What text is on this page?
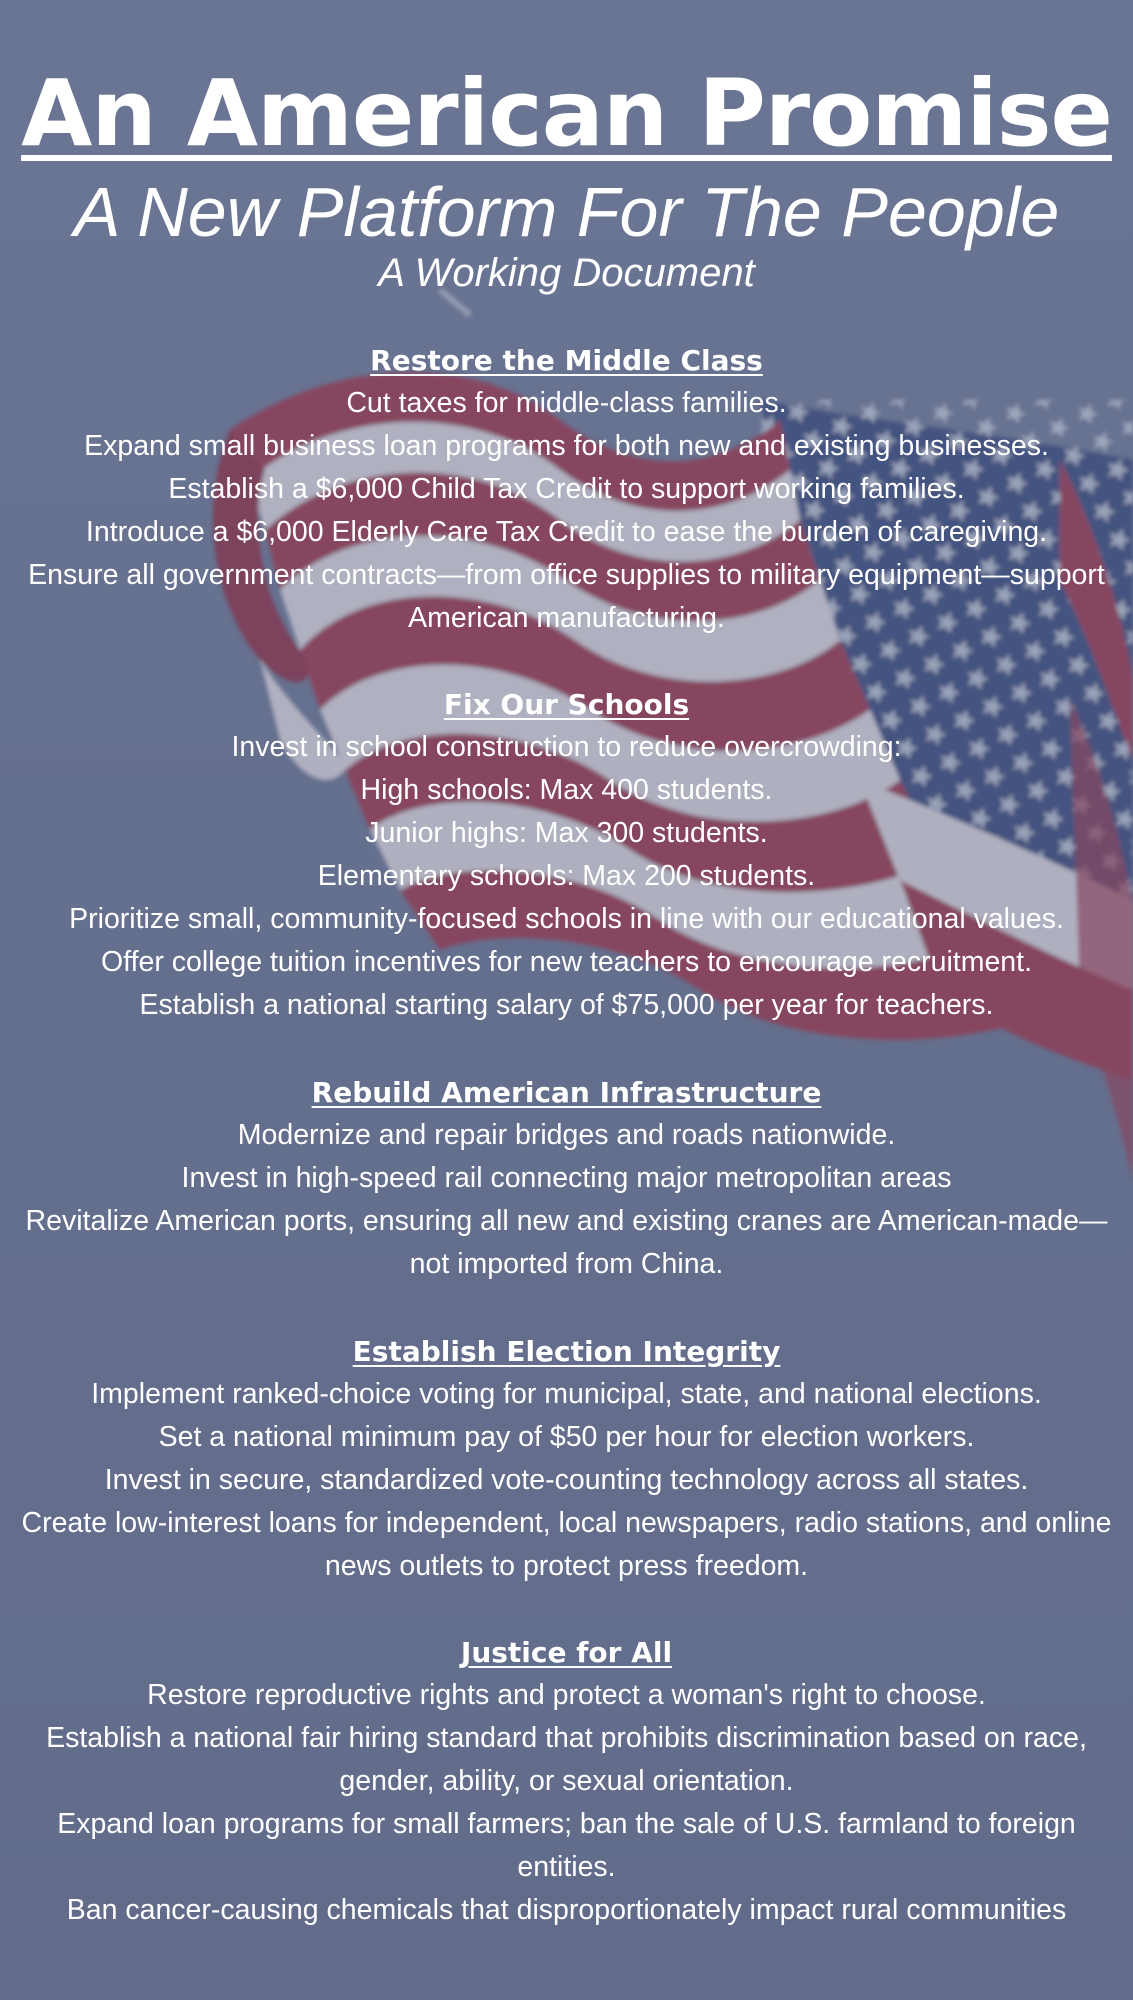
An American Promise
A New Platform For The People
A Working Document
Restore the Middle Class
Cut taxes for middle-class families.
Expand small business loan programs for both new and existing businesses.
Establish a $6,000 Child Tax Credit to support working families.
Introduce a $6,000 Elderly Care Tax Credit to ease the burden of caregiving.
Ensure all government contracts—from office supplies to military equipment—support American manufacturing.
Fix Our Schools
Invest in school construction to reduce overcrowding:
High schools: Max 400 students.
Junior highs: Max 300 students.
Elementary schools: Max 200 students.
Prioritize small, community-focused schools in line with our educational values.
Offer college tuition incentives for new teachers to encourage recruitment.
Establish a national starting salary of $75,000 per year for teachers.
Rebuild American Infrastructure
Modernize and repair bridges and roads nationwide.
Invest in high-speed rail connecting major metropolitan areas
Revitalize American ports, ensuring all new and existing cranes are American-made—not imported from China.
Establish Election Integrity
Implement ranked-choice voting for municipal, state, and national elections.
Set a national minimum pay of $50 per hour for election workers.
Invest in secure, standardized vote-counting technology across all states.
Create low-interest loans for independent, local newspapers, radio stations, and online news outlets to protect press freedom.
Justice for All
Restore reproductive rights and protect a woman's right to choose.
Establish a national fair hiring standard that prohibits discrimination based on race, gender, ability, or sexual orientation.
Expand loan programs for small farmers; ban the sale of U.S. farmland to foreign entities.
Ban cancer-causing chemicals that disproportionately impact rural communities
